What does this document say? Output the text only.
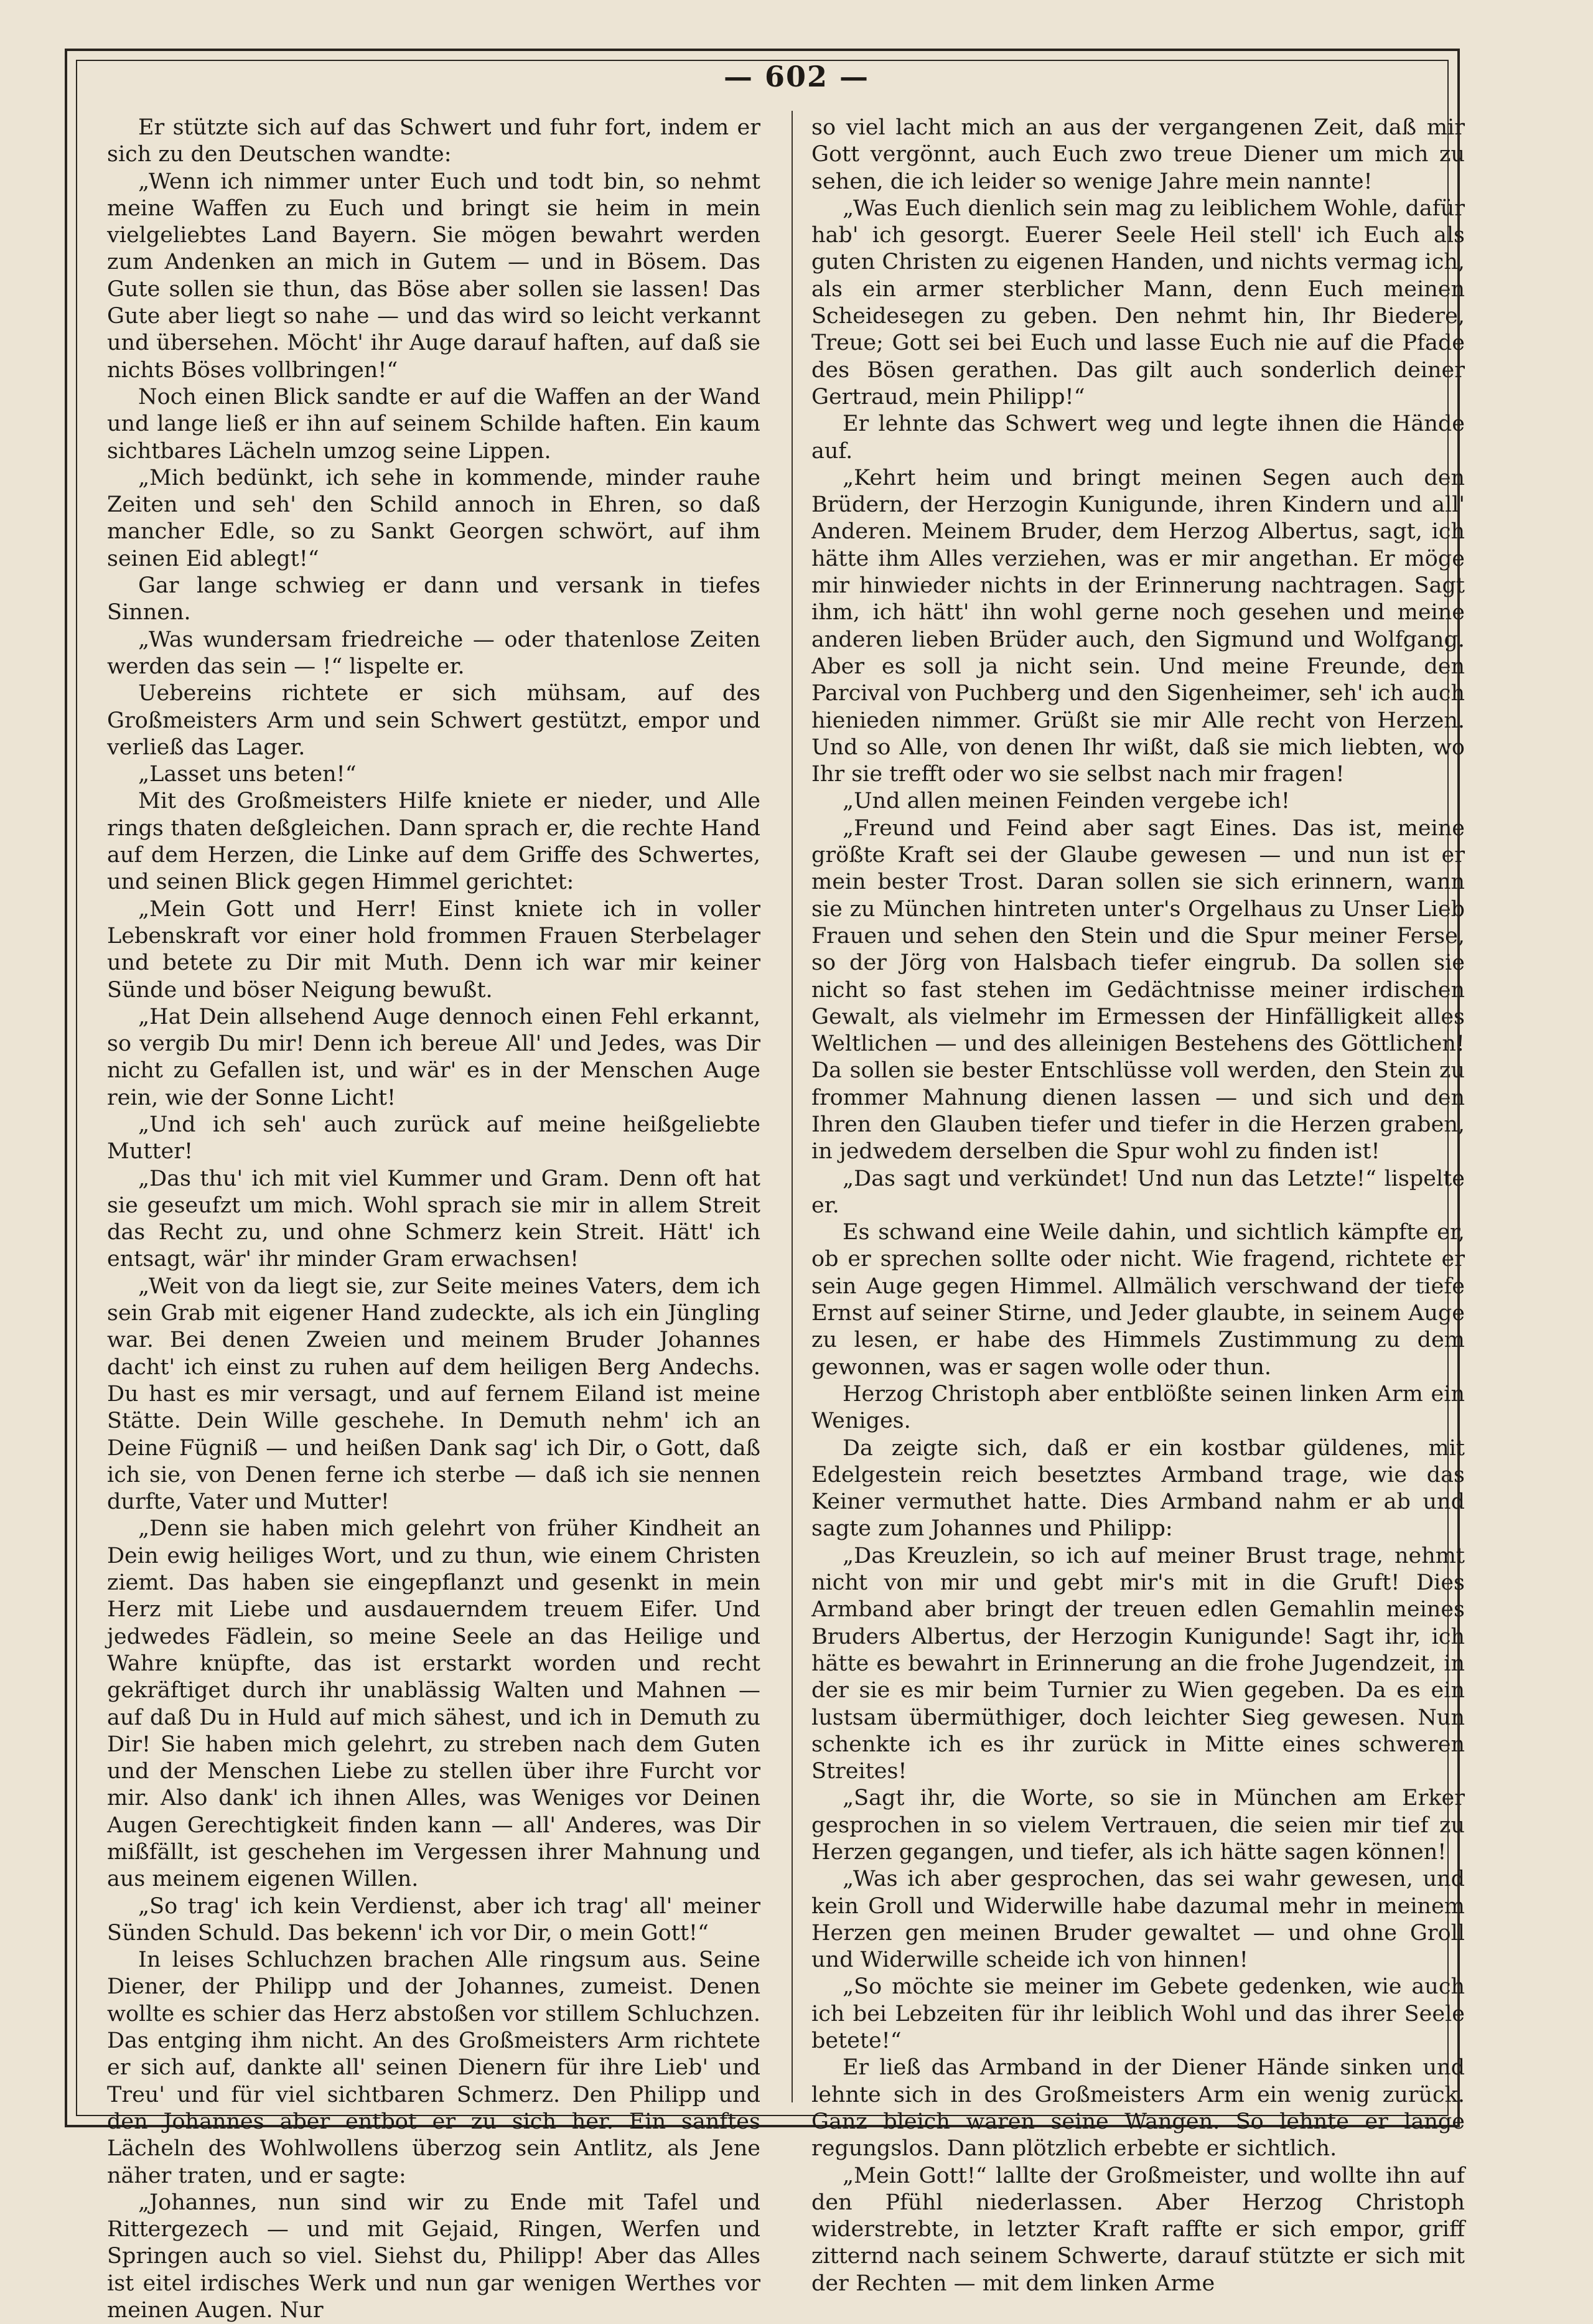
— 602 —

Er stützte sich auf das Schwert und fuhr fort, indem er sich zu den Deutschen wandte:

„Wenn ich nimmer unter Euch und todt bin, so nehmt meine Waffen zu Euch und bringt sie heim in mein vielgeliebtes Land Bayern. Sie mögen bewahrt werden zum Andenken an mich in Gutem — und in Bösem. Das Gute sollen sie thun, das Böse aber sollen sie lassen! Das Gute aber liegt so nahe — und das wird so leicht verkannt und übersehen. Möcht' ihr Auge darauf haften, auf daß sie nichts Böses vollbringen!“

Noch einen Blick sandte er auf die Waffen an der Wand und lange ließ er ihn auf seinem Schilde haften. Ein kaum sichtbares Lächeln umzog seine Lippen.

„Mich bedünkt, ich sehe in kommende, minder rauhe Zeiten und seh' den Schild annoch in Ehren, so daß mancher Edle, so zu Sankt Georgen schwört, auf ihm seinen Eid ablegt!“

Gar lange schwieg er dann und versank in tiefes Sinnen.

„Was wundersam friedreiche — oder thatenlose Zeiten werden das sein — !“ lispelte er.

Uebereins richtete er sich mühsam, auf des Großmeisters Arm und sein Schwert gestützt, empor und verließ das Lager.

„Lasset uns beten!“

Mit des Großmeisters Hilfe kniete er nieder, und Alle rings thaten deßgleichen. Dann sprach er, die rechte Hand auf dem Herzen, die Linke auf dem Griffe des Schwertes, und seinen Blick gegen Himmel gerichtet:

„Mein Gott und Herr! Einst kniete ich in voller Lebenskraft vor einer hold frommen Frauen Sterbelager und betete zu Dir mit Muth. Denn ich war mir keiner Sünde und böser Neigung bewußt.

„Hat Dein allsehend Auge dennoch einen Fehl erkannt, so vergib Du mir! Denn ich bereue All' und Jedes, was Dir nicht zu Gefallen ist, und wär' es in der Menschen Auge rein, wie der Sonne Licht!

„Und ich seh' auch zurück auf meine heißgeliebte Mutter!

„Das thu' ich mit viel Kummer und Gram. Denn oft hat sie geseufzt um mich. Wohl sprach sie mir in allem Streit das Recht zu, und ohne Schmerz kein Streit. Hätt' ich entsagt, wär' ihr minder Gram erwachsen!

„Weit von da liegt sie, zur Seite meines Vaters, dem ich sein Grab mit eigener Hand zudeckte, als ich ein Jüngling war. Bei denen Zweien und meinem Bruder Johannes dacht' ich einst zu ruhen auf dem heiligen Berg Andechs. Du hast es mir versagt, und auf fernem Eiland ist meine Stätte. Dein Wille geschehe. In Demuth nehm' ich an Deine Fügniß — und heißen Dank sag' ich Dir, o Gott, daß ich sie, von Denen ferne ich sterbe — daß ich sie nennen durfte, Vater und Mutter!

„Denn sie haben mich gelehrt von früher Kindheit an Dein ewig heiliges Wort, und zu thun, wie einem Christen ziemt. Das haben sie eingepflanzt und gesenkt in mein Herz mit Liebe und ausdauerndem treuem Eifer. Und jedwedes Fädlein, so meine Seele an das Heilige und Wahre knüpfte, das ist erstarkt worden und recht gekräftiget durch ihr unablässig Walten und Mahnen — auf daß Du in Huld auf mich sähest, und ich in Demuth zu Dir! Sie haben mich gelehrt, zu streben nach dem Guten und der Menschen Liebe zu stellen über ihre Furcht vor mir. Also dank' ich ihnen Alles, was Weniges vor Deinen Augen Gerechtigkeit finden kann — all' Anderes, was Dir mißfällt, ist geschehen im Vergessen ihrer Mahnung und aus meinem eigenen Willen.

„So trag' ich kein Verdienst, aber ich trag' all' meiner Sünden Schuld. Das bekenn' ich vor Dir, o mein Gott!“

In leises Schluchzen brachen Alle ringsum aus. Seine Diener, der Philipp und der Johannes, zumeist. Denen wollte es schier das Herz abstoßen vor stillem Schluchzen. Das entging ihm nicht. An des Großmeisters Arm richtete er sich auf, dankte all' seinen Dienern für ihre Lieb' und Treu' und für viel sichtbaren Schmerz. Den Philipp und den Johannes aber entbot er zu sich her. Ein sanftes Lächeln des Wohlwollens überzog sein Antlitz, als Jene näher traten, und er sagte:

„Johannes, nun sind wir zu Ende mit Tafel und Rittergezech — und mit Gejaid, Ringen, Werfen und Springen auch so viel. Siehst du, Philipp! Aber das Alles ist eitel irdisches Werk und nun gar wenigen Werthes vor meinen Augen. Nur

so viel lacht mich an aus der vergangenen Zeit, daß mir Gott vergönnt, auch Euch zwo treue Diener um mich zu sehen, die ich leider so wenige Jahre mein nannte!

„Was Euch dienlich sein mag zu leiblichem Wohle, dafür hab' ich gesorgt. Euerer Seele Heil stell' ich Euch als guten Christen zu eigenen Handen, und nichts vermag ich, als ein armer sterblicher Mann, denn Euch meinen Scheidesegen zu geben. Den nehmt hin, Ihr Biedere, Treue; Gott sei bei Euch und lasse Euch nie auf die Pfade des Bösen gerathen. Das gilt auch sonderlich deiner Gertraud, mein Philipp!“

Er lehnte das Schwert weg und legte ihnen die Hände auf.

„Kehrt heim und bringt meinen Segen auch den Brüdern, der Herzogin Kunigunde, ihren Kindern und all' Anderen. Meinem Bruder, dem Herzog Albertus, sagt, ich hätte ihm Alles verziehen, was er mir angethan. Er möge mir hinwieder nichts in der Erinnerung nachtragen. Sagt ihm, ich hätt' ihn wohl gerne noch gesehen und meine anderen lieben Brüder auch, den Sigmund und Wolfgang. Aber es soll ja nicht sein. Und meine Freunde, den Parcival von Puchberg und den Sigenheimer, seh' ich auch hienieden nimmer. Grüßt sie mir Alle recht von Herzen. Und so Alle, von denen Ihr wißt, daß sie mich liebten, wo Ihr sie trefft oder wo sie selbst nach mir fragen!

„Und allen meinen Feinden vergebe ich!

„Freund und Feind aber sagt Eines. Das ist, meine größte Kraft sei der Glaube gewesen — und nun ist er mein bester Trost. Daran sollen sie sich erinnern, wann sie zu München hintreten unter's Orgelhaus zu Unser Lieb Frauen und sehen den Stein und die Spur meiner Ferse, so der Jörg von Halsbach tiefer eingrub. Da sollen sie nicht so fast stehen im Gedächtnisse meiner irdischen Gewalt, als vielmehr im Ermessen der Hinfälligkeit alles Weltlichen — und des alleinigen Bestehens des Göttlichen! Da sollen sie bester Entschlüsse voll werden, den Stein zu frommer Mahnung dienen lassen — und sich und den Ihren den Glauben tiefer und tiefer in die Herzen graben, in jedwedem derselben die Spur wohl zu finden ist!

„Das sagt und verkündet! Und nun das Letzte!“ lispelte er.

Es schwand eine Weile dahin, und sichtlich kämpfte er, ob er sprechen sollte oder nicht. Wie fragend, richtete er sein Auge gegen Himmel. Allmälich verschwand der tiefe Ernst auf seiner Stirne, und Jeder glaubte, in seinem Auge zu lesen, er habe des Himmels Zustimmung zu dem gewonnen, was er sagen wolle oder thun.

Herzog Christoph aber entblößte seinen linken Arm ein Weniges.

Da zeigte sich, daß er ein kostbar güldenes, mit Edelgestein reich besetztes Armband trage, wie das Keiner vermuthet hatte. Dies Armband nahm er ab und sagte zum Johannes und Philipp:

„Das Kreuzlein, so ich auf meiner Brust trage, nehmt nicht von mir und gebt mir's mit in die Gruft! Dies Armband aber bringt der treuen edlen Gemahlin meines Bruders Albertus, der Herzogin Kunigunde! Sagt ihr, ich hätte es bewahrt in Erinnerung an die frohe Jugendzeit, in der sie es mir beim Turnier zu Wien gegeben. Da es ein lustsam übermüthiger, doch leichter Sieg gewesen. Nun schenkte ich es ihr zurück in Mitte eines schweren Streites!

„Sagt ihr, die Worte, so sie in München am Erker gesprochen in so vielem Vertrauen, die seien mir tief zu Herzen gegangen, und tiefer, als ich hätte sagen können!

„Was ich aber gesprochen, das sei wahr gewesen, und kein Groll und Widerwille habe dazumal mehr in meinem Herzen gen meinen Bruder gewaltet — und ohne Groll und Widerwille scheide ich von hinnen!

„So möchte sie meiner im Gebete gedenken, wie auch ich bei Lebzeiten für ihr leiblich Wohl und das ihrer Seele betete!“

Er ließ das Armband in der Diener Hände sinken und lehnte sich in des Großmeisters Arm ein wenig zurück. Ganz bleich waren seine Wangen. So lehnte er lange regungslos. Dann plötzlich erbebte er sichtlich.

„Mein Gott!“ lallte der Großmeister, und wollte ihn auf den Pfühl niederlassen. Aber Herzog Christoph widerstrebte, in letzter Kraft raffte er sich empor, griff zitternd nach seinem Schwerte, darauf stützte er sich mit der Rechten — mit dem linken Arme
